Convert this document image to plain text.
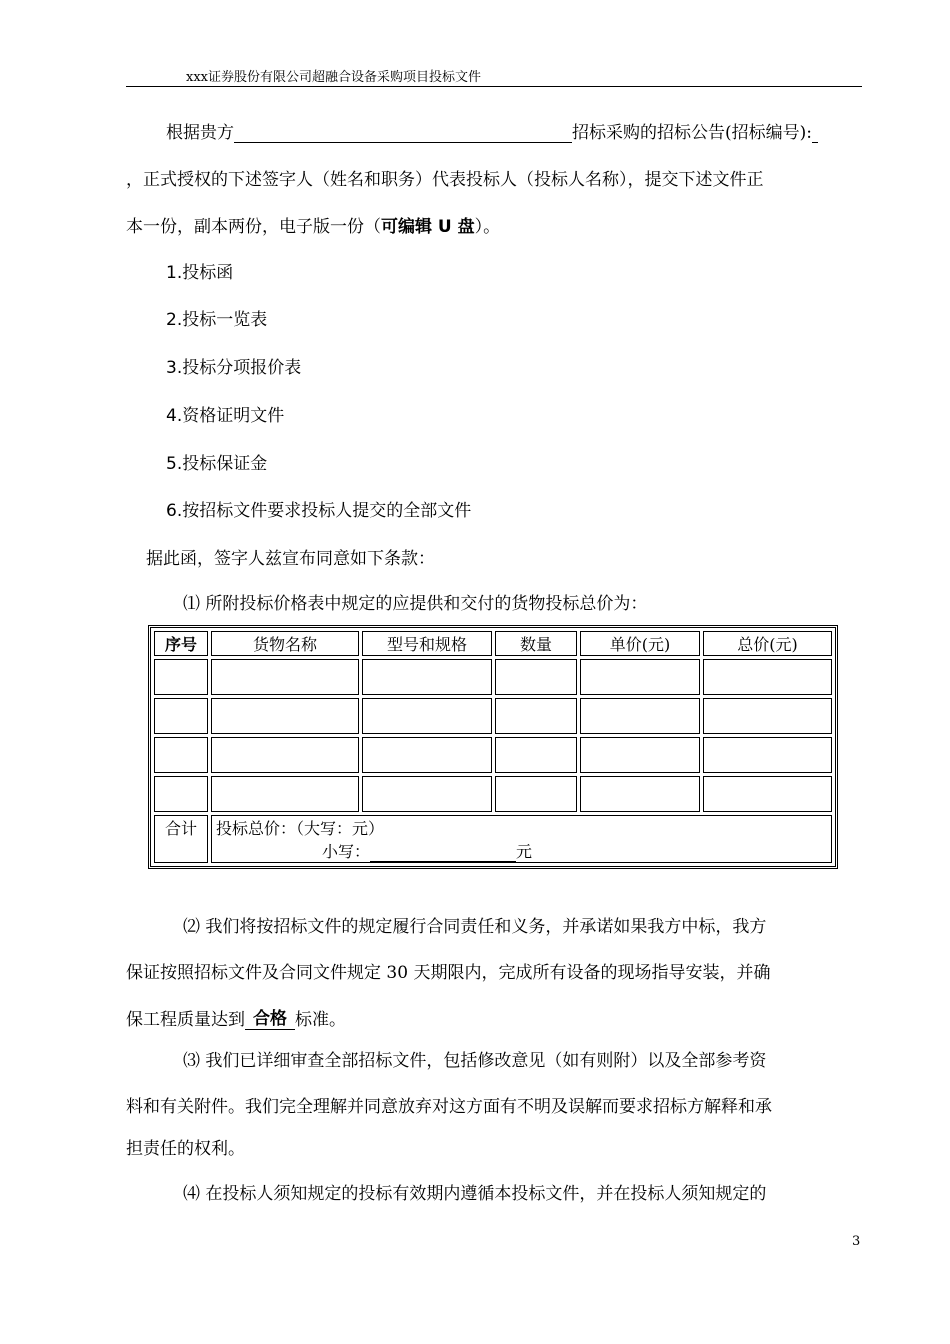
xxx证券股份有限公司超融合设备采购项目投标文件
根据贵方	招标采购的招标公告(招标编号):
，正式授权的下述签字人（姓名和职务）代表投标人（投标人名称），提交下述文件正
本一份，副本两份，电子版一份（可编辑 U 盘）。
1.投标函
2.投标一览表
3.投标分项报价表
4.资格证明文件
5.投标保证金
6.按招标文件要求投标人提交的全部文件
据此函，签字人兹宣布同意如下条款：
⑴ 所附投标价格表中规定的应提供和交付的货物投标总价为：
序号	货物名称	型号和规格	数量	单价(元)	总价(元)

合计	投标总价：（大写：元）
小写： 元				
⑵ 我们将按招标文件的规定履行合同责任和义务，并承诺如果我方中标，我方
保证按照招标文件及合同文件规定 30 天期限内，完成所有设备的现场指导安装，并确
保工程质量达到 合格 标准。
⑶ 我们已详细审查全部招标文件，包括修改意见（如有则附）以及全部参考资
料和有关附件。我们完全理解并同意放弃对这方面有不明及误解而要求招标方解释和承
担责任的权利。
⑷ 在投标人须知规定的投标有效期内遵循本投标文件，并在投标人须知规定的
3
